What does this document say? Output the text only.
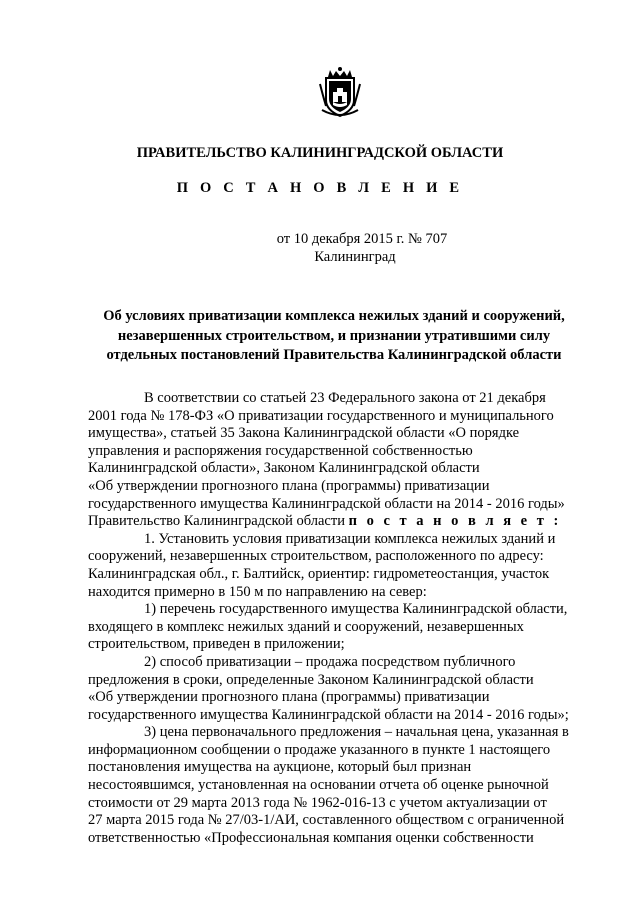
ПРАВИТЕЛЬСТВО КАЛИНИНГРАДСКОЙ ОБЛАСТИ
П О С Т А Н О В Л Е Н И Е
от 10 декабря 2015 г. № 707
Калининград
Об условиях приватизации комплекса нежилых зданий и сооружений,
незавершенных строительством, и признании утратившими силу
отдельных постановлений Правительства Калининградской области

В соответствии со статьей 23 Федерального закона от 21 декабря

2001 года № 178-ФЗ «О приватизации государственного и муниципального

имущества», статьей 35 Закона Калининградской области «О порядке

управления и распоряжения государственной собственностью

Калининградской области», Законом Калининградской области

«Об утверждении прогнозного плана (программы) приватизации

государственного имущества Калининградской области на 2014 - 2016 годы»

Правительство Калининградской области п о с т а н о в л я е т :

1. Установить условия приватизации комплекса нежилых зданий и

сооружений, незавершенных строительством, расположенного по адресу:

Калининградская обл., г. Балтийск, ориентир: гидрометеостанция, участок

находится примерно в 150 м по направлению на север:

1) перечень государственного имущества Калининградской области,

входящего в комплекс нежилых зданий и сооружений, незавершенных

строительством, приведен в приложении;

2) способ приватизации – продажа посредством публичного

предложения в сроки, определенные Законом Калининградской области

«Об утверждении прогнозного плана (программы) приватизации

государственного имущества Калининградской области на 2014 - 2016 годы»;

3) цена первоначального предложения – начальная цена, указанная в

информационном сообщении о продаже указанного в пункте 1 настоящего

постановления имущества на аукционе, который был признан

несостоявшимся, установленная на основании отчета об оценке рыночной

стоимости от 29 марта 2013 года № 1962-016-13 с учетом актуализации от

27 марта 2015 года № 27/03-1/АИ, составленного обществом с ограниченной

ответственностью «Профессиональная компания оценки собственности
